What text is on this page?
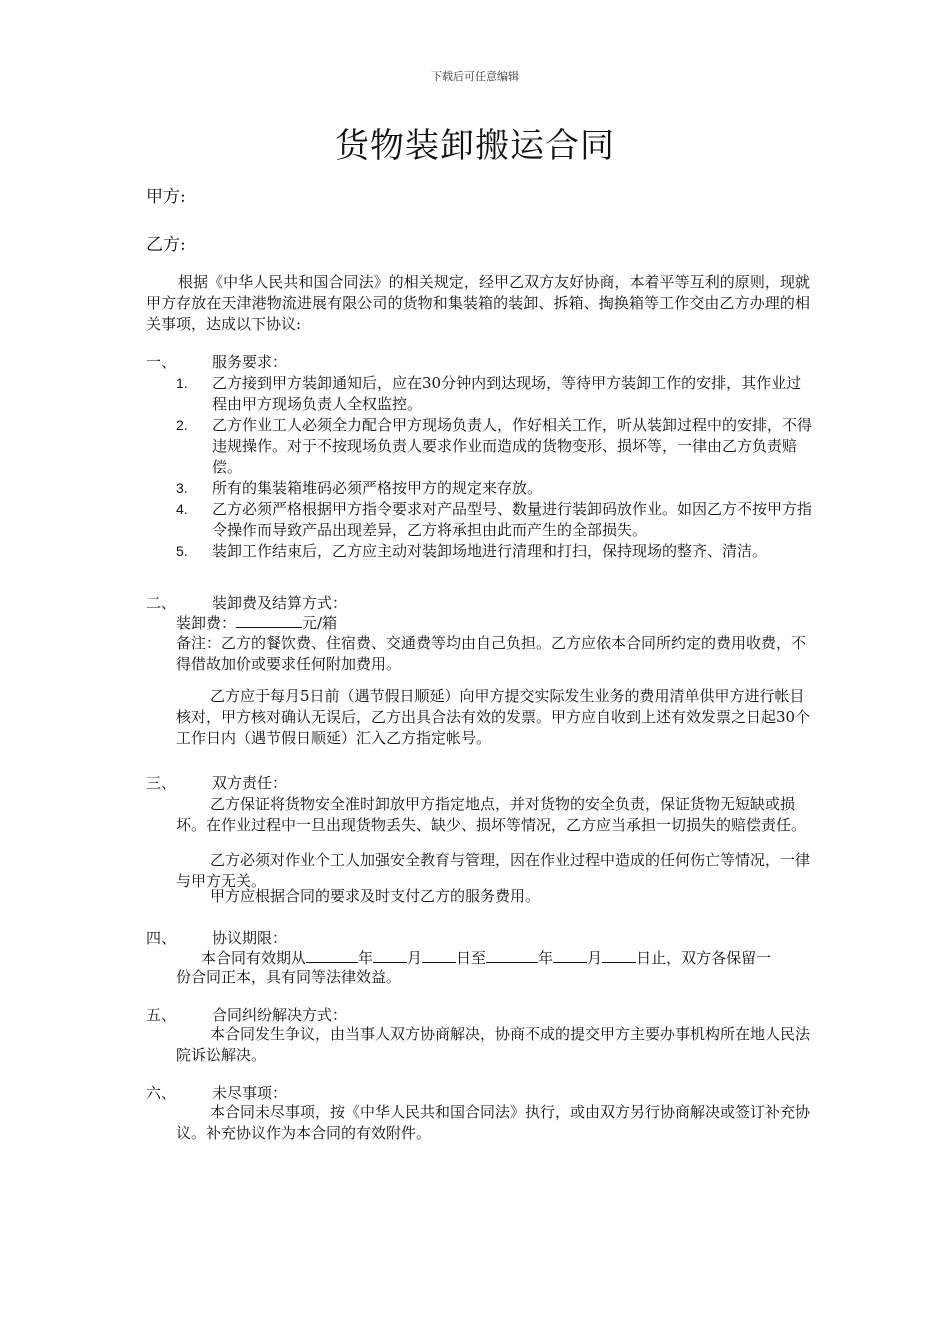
下载后可任意编辑
货物装卸搬运合同
甲方:
乙方:
根据《中华人民共和国合同法》的相关规定，经甲乙双方友好协商，本着平等互利的原则，现就甲方存放在天津港物流进展有限公司的货物和集装箱的装卸、拆箱、掏换箱等工作交由乙方办理的相关事项，达成以下协议:
一、 服务要求：
1. 乙方接到甲方装卸通知后，应在30分钟内到达现场，等待甲方装卸工作的安排，其作业过程由甲方现场负责人全权监控。
2. 乙方作业工人必须全力配合甲方现场负责人，作好相关工作，听从装卸过程中的安排，不得违规操作。对于不按现场负责人要求作业而造成的货物变形、损坏等，一律由乙方负责赔偿。
3. 所有的集装箱堆码必须严格按甲方的规定来存放。
4. 乙方必须严格根据甲方指令要求对产品型号、数量进行装卸码放作业。如因乙方不按甲方指令操作而导致产品出现差异，乙方将承担由此而产生的全部损失。
5. 装卸工作结束后，乙方应主动对装卸场地进行清理和打扫，保持现场的整齐、清洁。
二、 装卸费及结算方式：
装卸费：	元/箱
备注：乙方的餐饮费、住宿费、交通费等均由自己负担。乙方应依本合同所约定的费用收费，不得借故加价或要求任何附加费用。
乙方应于每月5日前（遇节假日顺延）向甲方提交实际发生业务的费用清单供甲方进行帐目核对，甲方核对确认无误后，乙方出具合法有效的发票。甲方应自收到上述有效发票之日起30个工作日内（遇节假日顺延）汇入乙方指定帐号。
三、 双方责任：
乙方保证将货物安全准时卸放甲方指定地点，并对货物的安全负责，保证货物无短缺或损坏。在作业过程中一旦出现货物丢失、缺少、损坏等情况，乙方应当承担一切损失的赔偿责任。
乙方必须对作业个工人加强安全教育与管理，因在作业过程中造成的任何伤亡等情况，一律与甲方无关。
甲方应根据合同的要求及时支付乙方的服务费用。
四、 协议期限：
本合同有效期从	年 月 日至	年 月 日止，双方各保留一
份合同正本，具有同等法律效益。
五、 合同纠纷解决方式：
本合同发生争议，由当事人双方协商解决，协商不成的提交甲方主要办事机构所在地人民法院诉讼解决。
六、 未尽事项：
本合同未尽事项，按《中华人民共和国合同法》执行，或由双方另行协商解决或签订补充协议。补充协议作为本合同的有效附件。
